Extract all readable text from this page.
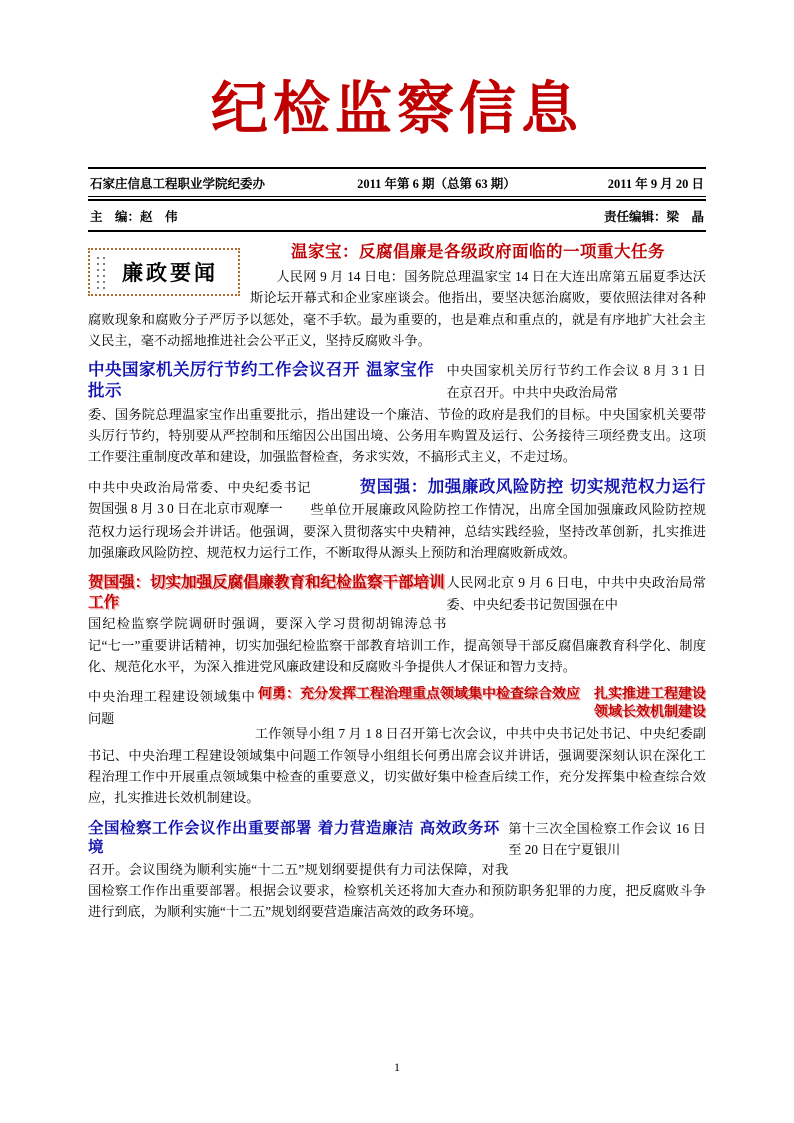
纪检监察信息
石家庄信息工程职业学院纪委办	2011 年第 6 期（总第 63 期）	2011 年 9 月 20 日
主　编：赵　伟	责任编辑：梁　晶
廉政要闻
温家宝：反腐倡廉是各级政府面临的一项重大任务

人民网 9 月 14 日电：国务院总理温家宝 14 日在大连出席第五届夏季达沃斯论坛开幕式和企业家座谈会。他指出，要坚决惩治腐败，要依照法律对各种腐败现象和腐败分子严厉予以惩处，毫不手软。最为重要的，也是难点和重点的，就是有序地扩大社会主义民主，毫不动摇地推进社会公平正义，坚持反腐败斗争。

中央国家机关厉行节约工作会议 8 月 3 1 日在京召开。中共中央政治局常
中央国家机关厉行节约工作会议召开 温家宝作批示

委、国务院总理温家宝作出重要批示，指出建设一个廉洁、节俭的政府是我们的目标。中央国家机关要带头厉行节约，特别要从严控制和压缩因公出国出境、公务用车购置及运行、公务接待三项经费支出。这项工作要注重制度改革和建设，加强监督检查，务求实效，不搞形式主义，不走过场。

中共中央政治局常委、中央纪委书记贺国强 8 月 3 0 日在北京市观摩一
贺国强：加强廉政风险防控 切实规范权力运行

些单位开展廉政风险防控工作情况，出席全国加强廉政风险防控规范权力运行现场会并讲话。他强调，要深入贯彻落实中央精神，总结实践经验，坚持改革创新，扎实推进加强廉政风险防控、规范权力运行工作，不断取得从源头上预防和治理腐败新成效。

人民网北京 9 月 6 日电，中共中央政治局常委、中央纪委书记贺国强在中
贺国强：切实加强反腐倡廉教育和纪检监察干部培训工作

国纪检监察学院调研时强调，要深入学习贯彻胡锦涛总书记“七一”重要讲话精神，切实加强纪检监察干部教育培训工作，提高领导干部反腐倡廉教育科学化、制度化、规范化水平，为深入推进党风廉政建设和反腐败斗争提供人才保证和智力支持。

中央治理工程建设领域集中问题
何勇：充分发挥工程治理重点领域集中检查综合效应　扎实推进工程建设领域长效机制建设

工作领导小组 7 月 1 8 日召开第七次会议，中共中央书记处书记、中央纪委副书记、中央治理工程建设领域集中问题工作领导小组组长何勇出席会议并讲话，强调要深刻认识在深化工程治理工作中开展重点领域集中检查的重要意义，切实做好集中检查后续工作，充分发挥集中检查综合效应，扎实推进长效机制建设。

第十三次全国检察工作会议 16 日至 20 日在宁夏银川
全国检察工作会议作出重要部署 着力营造廉洁 高效政务环境

召开。会议围绕为顺利实施“十二五”规划纲要提供有力司法保障，对我国检察工作作出重要部署。根据会议要求，检察机关还将加大查办和预防职务犯罪的力度，把反腐败斗争进行到底，为顺利实施“十二五”规划纲要营造廉洁高效的政务环境。

1
